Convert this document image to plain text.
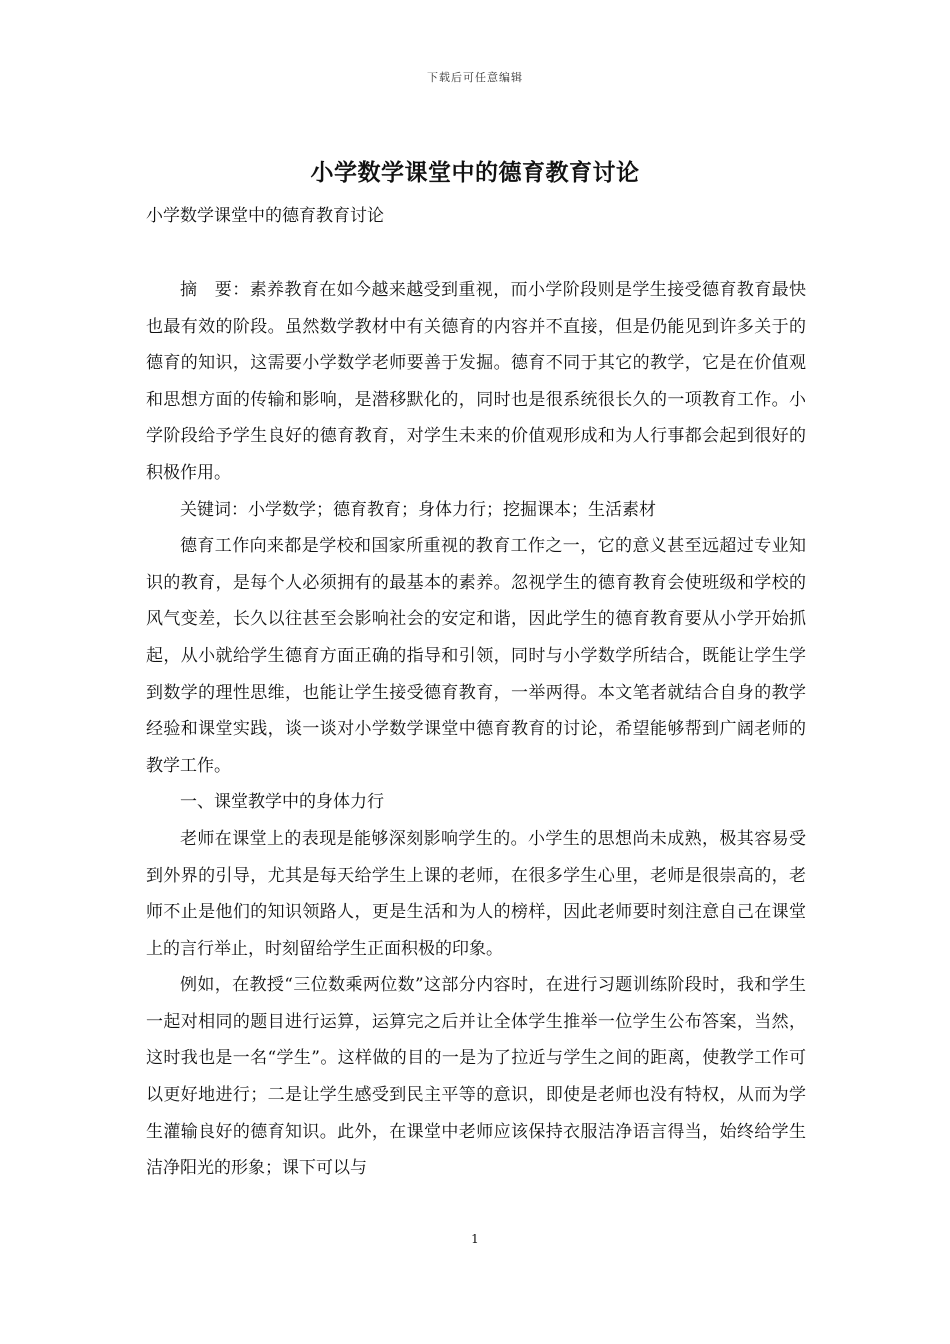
下载后可任意编辑
小学数学课堂中的德育教育讨论
小学数学课堂中的德育教育讨论

摘　要：素养教育在如今越来越受到重视，而小学阶段则是学生接受德育教育最快也最有效的阶段。虽然数学教材中有关德育的内容并不直接，但是仍能见到许多关于的德育的知识，这需要小学数学老师要善于发掘。德育不同于其它的教学，它是在价值观和思想方面的传输和影响，是潜移默化的，同时也是很系统很长久的一项教育工作。小学阶段给予学生良好的德育教育，对学生未来的价值观形成和为人行事都会起到很好的积极作用。

关键词：小学数学；德育教育；身体力行；挖掘课本；生活素材

德育工作向来都是学校和国家所重视的教育工作之一，它的意义甚至远超过专业知识的教育，是每个人必须拥有的最基本的素养。忽视学生的德育教育会使班级和学校的风气变差，长久以往甚至会影响社会的安定和谐，因此学生的德育教育要从小学开始抓起，从小就给学生德育方面正确的指导和引领，同时与小学数学所结合，既能让学生学到数学的理性思维，也能让学生接受德育教育，一举两得。本文笔者就结合自身的教学经验和课堂实践，谈一谈对小学数学课堂中德育教育的讨论，希望能够帮到广阔老师的教学工作。

一、课堂教学中的身体力行

老师在课堂上的表现是能够深刻影响学生的。小学生的思想尚未成熟，极其容易受到外界的引导，尤其是每天给学生上课的老师，在很多学生心里，老师是很崇高的，老师不止是他们的知识领路人，更是生活和为人的榜样，因此老师要时刻注意自己在课堂上的言行举止，时刻留给学生正面积极的印象。

例如，在教授“三位数乘两位数”这部分内容时，在进行习题训练阶段时，我和学生一起对相同的题目进行运算，运算完之后并让全体学生推举一位学生公布答案，当然，这时我也是一名“学生”。这样做的目的一是为了拉近与学生之间的距离，使教学工作可以更好地进行；二是让学生感受到民主平等的意识，即使是老师也没有特权，从而为学生灌输良好的德育知识。此外，在课堂中老师应该保持衣服洁净语言得当，始终给学生洁净阳光的形象；课下可以与

1
